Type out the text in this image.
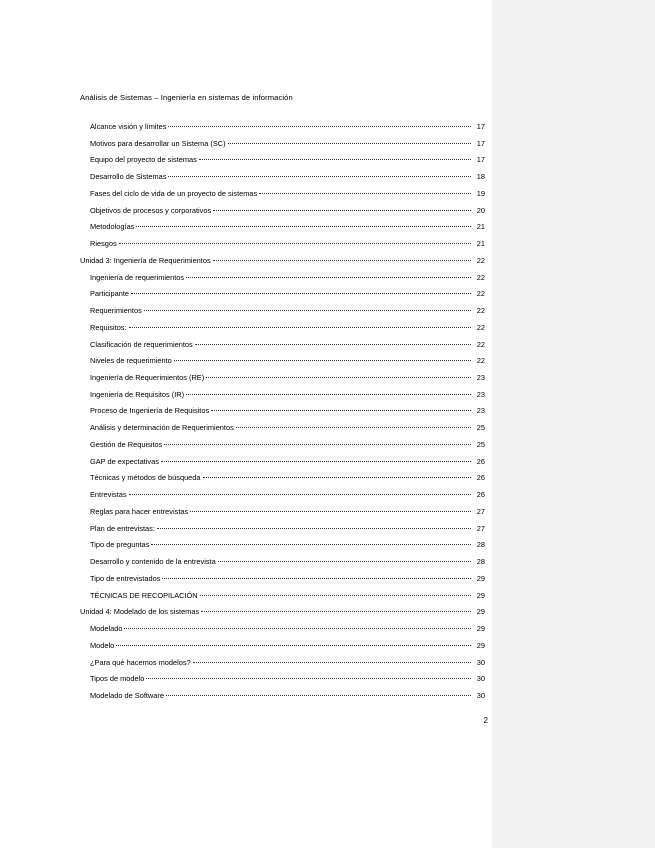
Análisis de Sistemas – Ingeniería en sistemas de información
Alcance visión y límites	17
Motivos para desarrollar un Sistema (SC)	17
Equipo del proyecto de sistemas	17
Desarrollo de Sistemas	18
Fases del ciclo de vida de un proyecto de sistemas	19
Objetivos de procesos y corporativos	20
Metodologías	21
Riesgos	21
Unidad 3: Ingeniería de Requerimientos	22
Ingeniería de requerimientos	22
Participante	22
Requerimientos	22
Requisitos:	22
Clasificación de requerimientos	22
Niveles de requerimiento	22
Ingeniería de Requerimientos (RE)	23
Ingeniería de Requisitos (IR)	23
Proceso de Ingeniería de Requisitos	23
Análisis y determinación de Requerimientos	25
Gestión de Requisitos	25
GAP de expectativas	26
Técnicas y métodos de búsqueda	26
Entrevistas	26
Reglas para hacer entrevistas	27
Plan de entrevistas:	27
Tipo de preguntas	28
Desarrollo y contenido de la entrevista	28
Tipo de entrevistados	29
TÉCNICAS DE RECOPILACIÓN	29
Unidad 4: Modelado de los sistemas	29
Modelado	29
Modelo	29
¿Para qué hacemos modelos?	30
Tipos de modelo	30
Modelado de Software	30
2
